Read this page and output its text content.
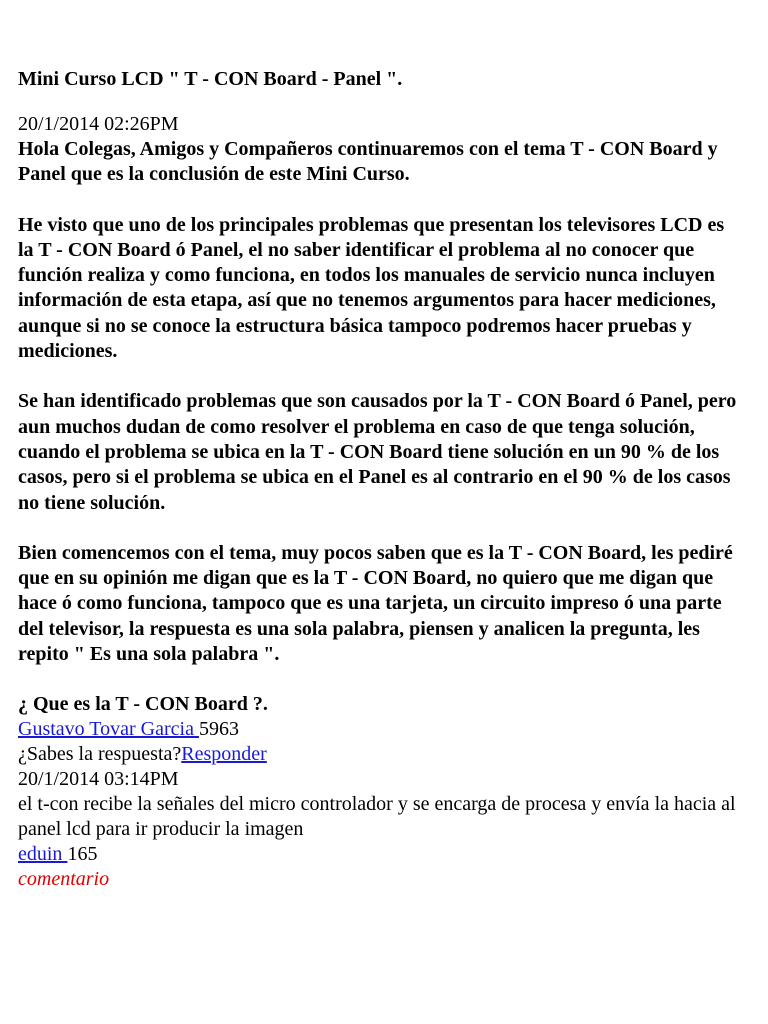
Mini Curso LCD " T - CON Board - Panel ".
20/1/2014 02:26PM
Hola Colegas, Amigos y Compañeros continuaremos con el tema T - CON Board y Panel que es la conclusión de este Mini Curso.
He visto que uno de los principales problemas que presentan los televisores LCD es la T - CON Board ó Panel, el no saber identificar el problema al no conocer que función realiza y como funciona, en todos los manuales de servicio nunca incluyen información de esta etapa, así que no tenemos argumentos para hacer mediciones, aunque si no se conoce la estructura básica tampoco podremos hacer pruebas y mediciones.
Se han identificado problemas que son causados por la T - CON Board ó Panel, pero aun muchos dudan de como resolver el problema en caso de que tenga solución, cuando el problema se ubica en la T - CON Board tiene solución en un 90 % de los casos, pero si el problema se ubica en el Panel es al contrario en el 90 % de los casos no tiene solución.
Bien comencemos con el tema, muy pocos saben que es la T - CON Board, les pediré que en su opinión me digan que es la T - CON Board, no quiero que me digan que hace ó como funciona, tampoco que es una tarjeta, un circuito impreso ó una parte del televisor, la respuesta es una sola palabra, piensen y analicen la pregunta, les repito " Es una sola palabra ".
¿ Que es la T - CON Board ?.
Gustavo Tovar Garcia 5963
¿Sabes la respuesta?Responder
20/1/2014 03:14PM
el t-con recibe la señales del micro controlador y se encarga de procesa y envía la hacia al panel lcd para ir producir la imagen
eduin 165
comentario
